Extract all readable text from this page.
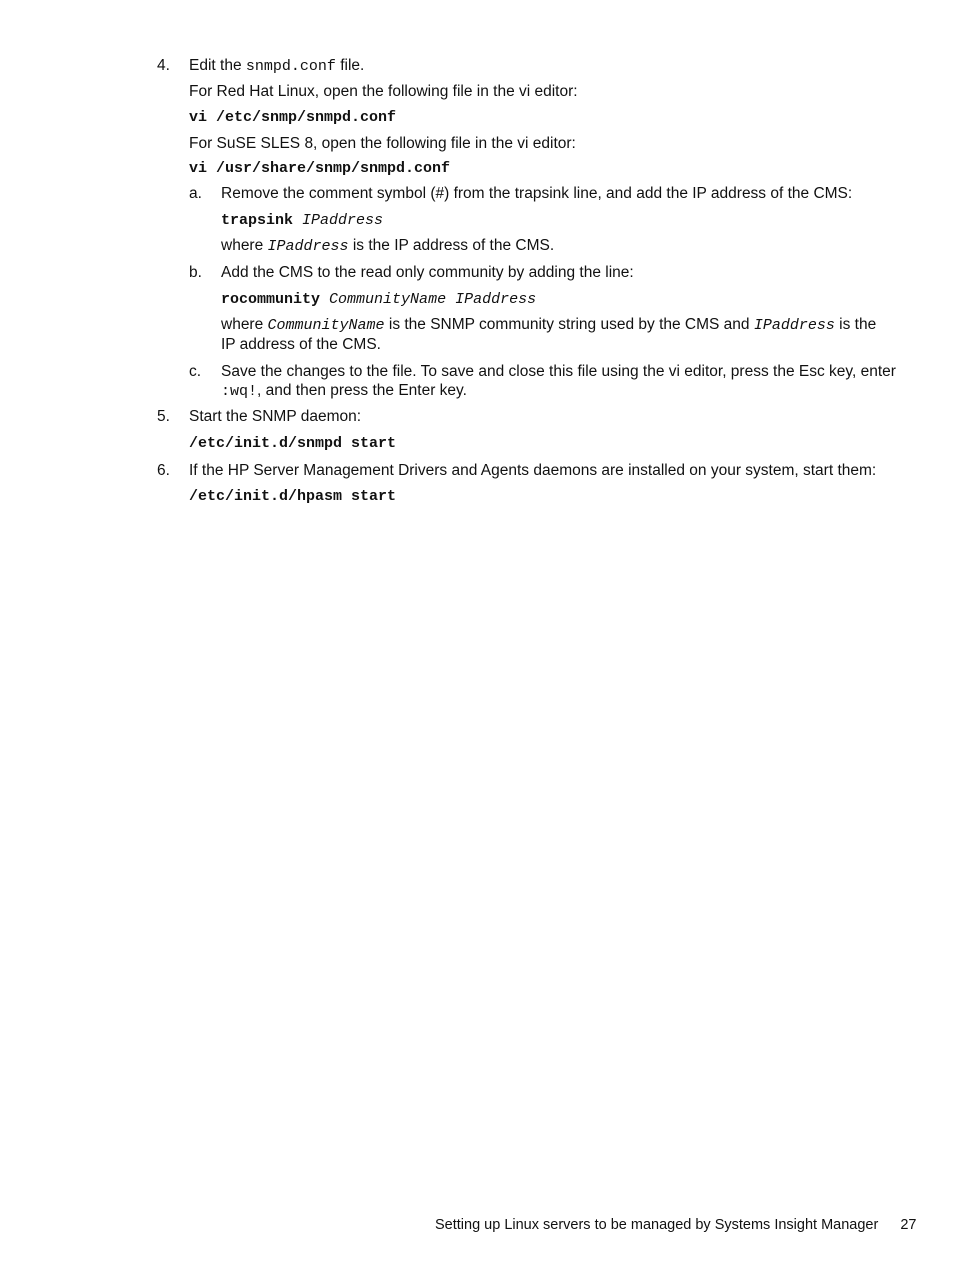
4. Edit the snmpd.conf file.
For Red Hat Linux, open the following file in the vi editor:
vi /etc/snmp/snmpd.conf
For SuSE SLES 8, open the following file in the vi editor:
vi /usr/share/snmp/snmpd.conf
a. Remove the comment symbol (#) from the trapsink line, and add the IP address of the CMS:
trapsink IPaddress
where IPaddress is the IP address of the CMS.
b. Add the CMS to the read only community by adding the line:
rocommunity CommunityName IPaddress
where CommunityName is the SNMP community string used by the CMS and IPaddress is the
IP address of the CMS.
c. Save the changes to the file. To save and close this file using the vi editor, press the Esc key, enter
:wq!, and then press the Enter key.
5. Start the SNMP daemon:
/etc/init.d/snmpd start
6. If the HP Server Management Drivers and Agents daemons are installed on your system, start them:
/etc/init.d/hpasm start
Setting up Linux servers to be managed by Systems Insight Manager 27
